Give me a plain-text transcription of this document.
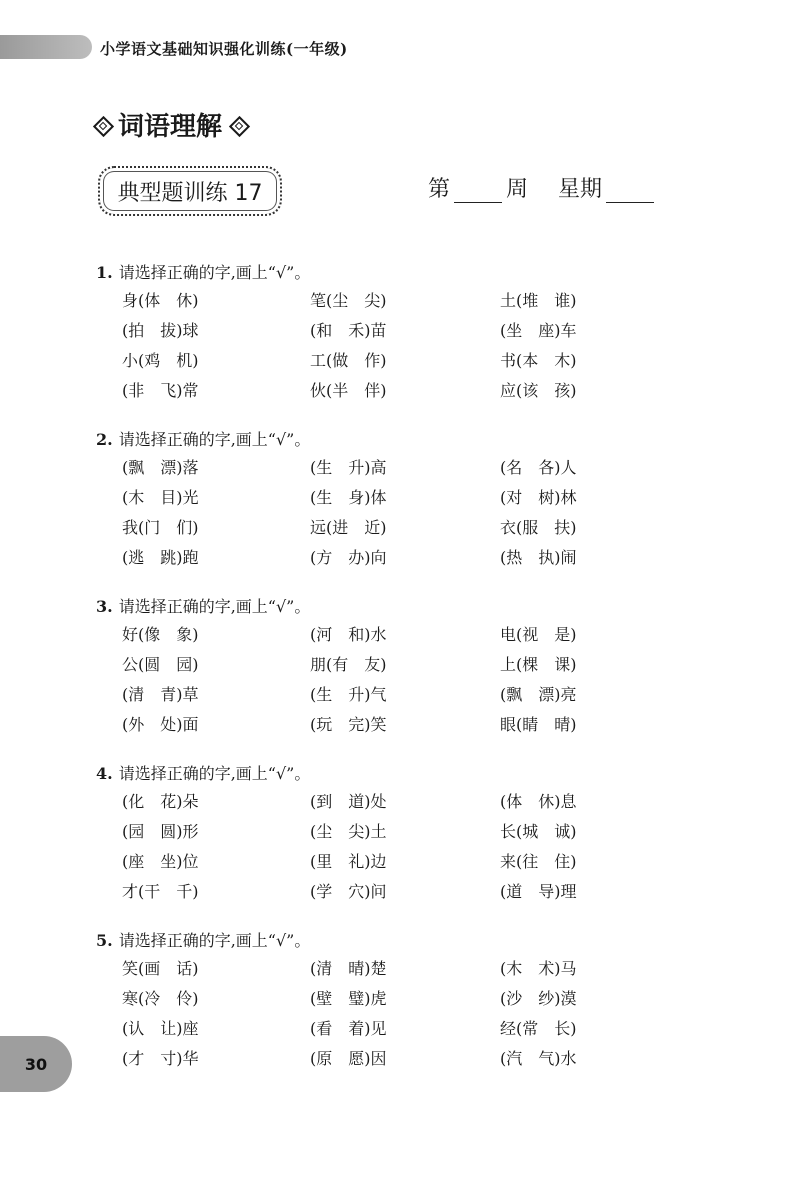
小学语文基础知识强化训练(一年级)
词语理解
典型题训练 17	第	周 星期
1. 请选择正确的字,画上“√”。
身(体　休)	笔(尘　尖)	土(堆　谁)
(拍　拔)球	(和　禾)苗	(坐　座)车
小(鸡　机)	工(做　作)	书(本　木)
(非　飞)常	伙(半　伴)	应(该　孩)
2. 请选择正确的字,画上“√”。
(飘　漂)落	(生　升)高	(名　各)人
(木　目)光	(生　身)体	(对　树)林
我(门　们)	远(进　近)	衣(服　扶)
(逃　跳)跑	(方　办)向	(热　执)闹
3. 请选择正确的字,画上“√”。
好(像　象)	(河　和)水	电(视　是)
公(圆　园)	朋(有　友)	上(棵　课)
(清　青)草	(生　升)气	(飘　漂)亮
(外　处)面	(玩　完)笑	眼(睛　晴)
4. 请选择正确的字,画上“√”。
(化　花)朵	(到　道)处	(体　休)息
(园　圆)形	(尘　尖)土	长(城　诚)
(座　坐)位	(里　礼)边	来(往　住)
才(干　千)	(学　穴)问	(道　导)理
5. 请选择正确的字,画上“√”。
笑(画　话)	(清　晴)楚	(木　术)马
寒(冷　伶)	(壁　璧)虎	(沙　纱)漠
(认　让)座	(看　着)见	经(常　长)
(才　寸)华	(原　愿)因	(汽　气)水
30
